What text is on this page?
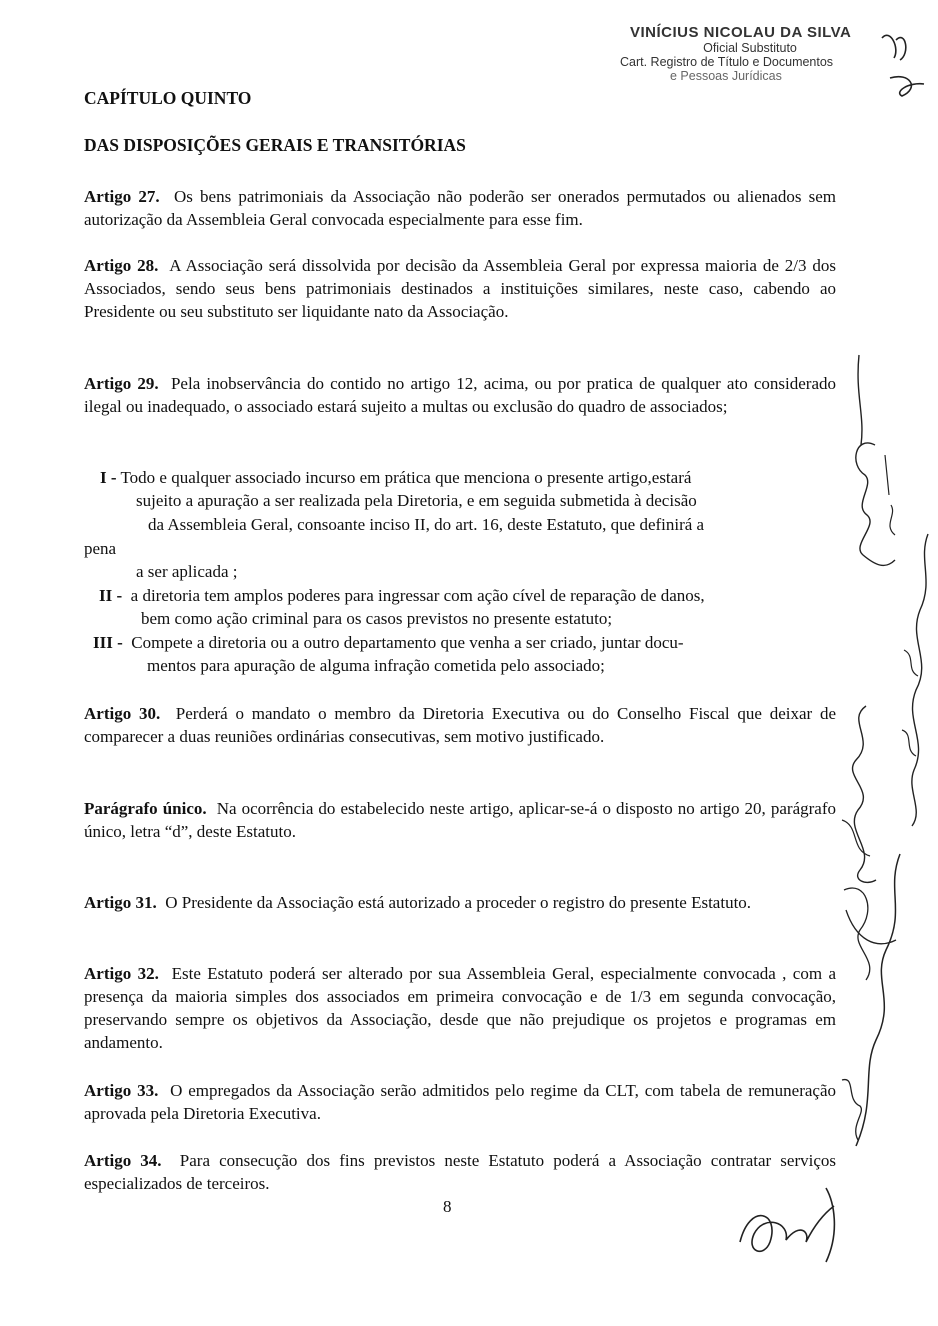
VINÍCIUS NICOLAU DA SILVA
Oficial Substituto
Cart. Registro de Título e Documentos
e Pessoas Jurídicas
CAPÍTULO QUINTO
DAS DISPOSIÇÕES GERAIS E TRANSITÓRIAS
Artigo 27. Os bens patrimoniais da Associação não poderão ser onerados permutados ou alienados sem autorização da Assembleia Geral convocada especialmente para esse fim.
Artigo 28. A Associação será dissolvida por decisão da Assembleia Geral por expressa maioria de 2/3 dos Associados, sendo seus bens patrimoniais destinados a instituições similares, neste caso, cabendo ao Presidente ou seu substituto ser liquidante nato da Associação.
Artigo 29. Pela inobservância do contido no artigo 12, acima, ou por pratica de qualquer ato considerado ilegal ou inadequado, o associado estará sujeito a multas ou exclusão do quadro de associados;
I - Todo e qualquer associado incurso em prática que menciona o presente artigo,estará
sujeito a apuração a ser realizada pela Diretoria, e em seguida submetida à decisão
da Assembleia Geral, consoante inciso II, do art. 16, deste Estatuto, que definirá a
pena
a ser aplicada ;
II - a diretoria tem amplos poderes para ingressar com ação cível de reparação de danos,
bem como ação criminal para os casos previstos no presente estatuto;
III - Compete a diretoria ou a outro departamento que venha a ser criado, juntar docu-
mentos para apuração de alguma infração cometida pelo associado;
Artigo 30. Perderá o mandato o membro da Diretoria Executiva ou do Conselho Fiscal que deixar de comparecer a duas reuniões ordinárias consecutivas, sem motivo justificado.
Parágrafo único. Na ocorrência do estabelecido neste artigo, aplicar-se-á o disposto no artigo 20, parágrafo único, letra “d”, deste Estatuto.
Artigo 31. O Presidente da Associação está autorizado a proceder o registro do presente Estatuto.
Artigo 32. Este Estatuto poderá ser alterado por sua Assembleia Geral, especialmente convocada , com a presença da maioria simples dos associados em primeira convocação e de 1/3 em segunda convocação, preservando sempre os objetivos da Associação, desde que não prejudique os projetos e programas em andamento.
Artigo 33. O empregados da Associação serão admitidos pelo regime da CLT, com tabela de remuneração aprovada pela Diretoria Executiva.
Artigo 34. Para consecução dos fins previstos neste Estatuto poderá a Associação contratar serviços especializados de terceiros.
8
